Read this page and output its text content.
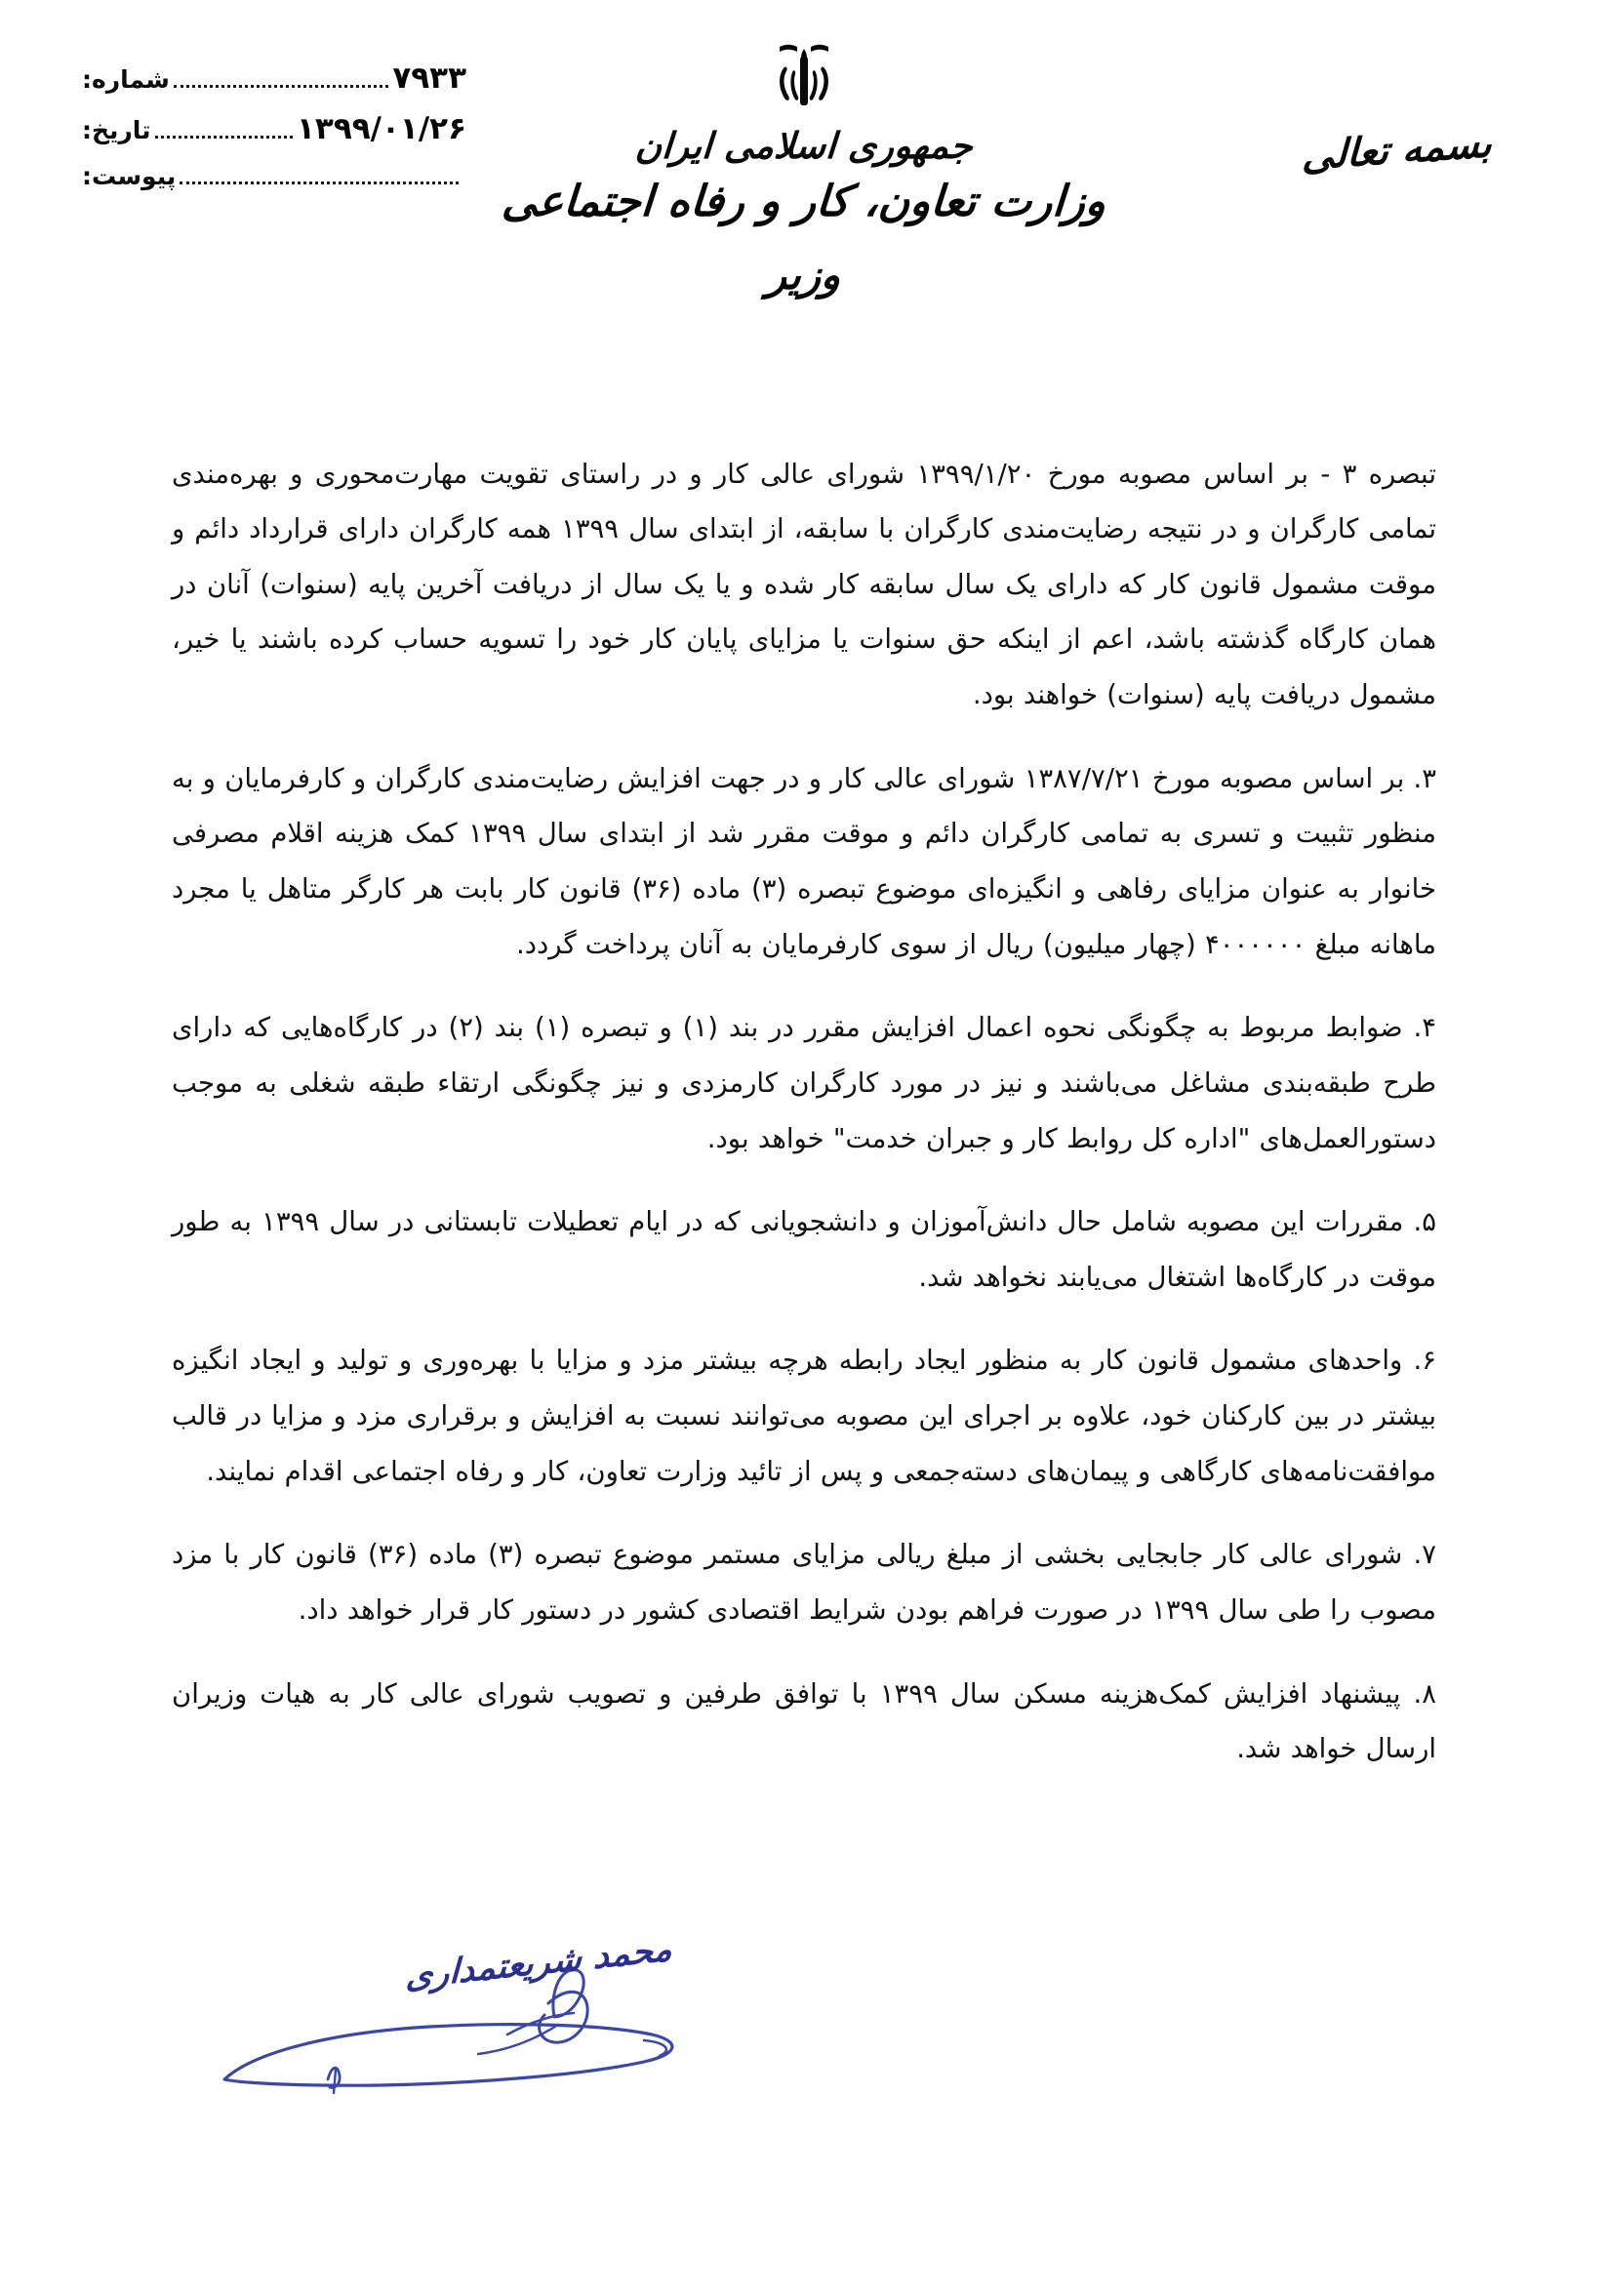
۷۹۳۳
شماره:
۱۳۹۹/۰۱/۲۶
تاریخ:
پیوست:
جمهوری اسلامی ایران
وزارت تعاون، کار و رفاه اجتماعی
وزیر
بسمه تعالی

تبصره ۳ - بر اساس مصوبه مورخ ۱۳۹۹/۱/۲۰ شورای عالی کار و در راستای تقویت مهارت‌محوری و بهره‌مندی تمامی کارگران و در نتیجه رضایت‌مندی کارگران با سابقه، از ابتدای سال ۱۳۹۹ همه کارگران دارای قرارداد دائم و موقت مشمول قانون کار که دارای یک سال سابقه کار شده و یا یک سال از دریافت آخرین پایه (سنوات) آنان در همان کارگاه گذشته باشد، اعم از اینکه حق سنوات یا مزایای پایان کار خود را تسویه حساب کرده باشند یا خیر، مشمول دریافت پایه (سنوات) خواهند بود.

۳. بر اساس مصوبه مورخ ۱۳۸۷/۷/۲۱ شورای عالی کار و در جهت افزایش رضایت‌مندی کارگران و کارفرمایان و به منظور تثبیت و تسری به تمامی کارگران دائم و موقت مقرر شد از ابتدای سال ۱۳۹۹ کمک هزینه اقلام مصرفی خانوار به عنوان مزایای رفاهی و انگیزه‌ای موضوع تبصره (۳) ماده (۳۶) قانون کار بابت هر کارگر متاهل یا مجرد ماهانه مبلغ ۴۰۰۰۰۰۰ (چهار میلیون) ریال از سوی کارفرمایان به آنان پرداخت گردد.

۴. ضوابط مربوط به چگونگی نحوه اعمال افزایش مقرر در بند (۱) و تبصره (۱) بند (۲) در کارگاه‌هایی که دارای طرح طبقه‌بندی مشاغل می‌باشند و نیز در مورد کارگران کارمزدی و نیز چگونگی ارتقاء طبقه شغلی به موجب دستورالعمل‌های "اداره کل روابط کار و جبران خدمت" خواهد بود.

۵. مقررات این مصوبه شامل حال دانش‌آموزان و دانشجویانی که در ایام تعطیلات تابستانی در سال ۱۳۹۹ به طور موقت در کارگاه‌ها اشتغال می‌یابند نخواهد شد.

۶. واحدهای مشمول قانون کار به منظور ایجاد رابطه هرچه بیشتر مزد و مزایا با بهره‌وری و تولید و ایجاد انگیزه بیشتر در بین کارکنان خود، علاوه بر اجرای این مصوبه می‌توانند نسبت به افزایش و برقراری مزد و مزایا در قالب موافقت‌نامه‌های کارگاهی و پیمان‌های دسته‌جمعی و پس از تائید وزارت تعاون، کار و رفاه اجتماعی اقدام نمایند.

۷. شورای عالی کار جابجایی بخشی از مبلغ ریالی مزایای مستمر موضوع تبصره (۳) ماده (۳۶) قانون کار با مزد مصوب را طی سال ۱۳۹۹ در صورت فراهم بودن شرایط اقتصادی کشور در دستور کار قرار خواهد داد.

۸. پیشنهاد افزایش کمک‌هزینه مسکن سال ۱۳۹۹ با توافق طرفین و تصویب شورای عالی کار به هیات وزیران ارسال خواهد شد.

محمد شریعتمداری
